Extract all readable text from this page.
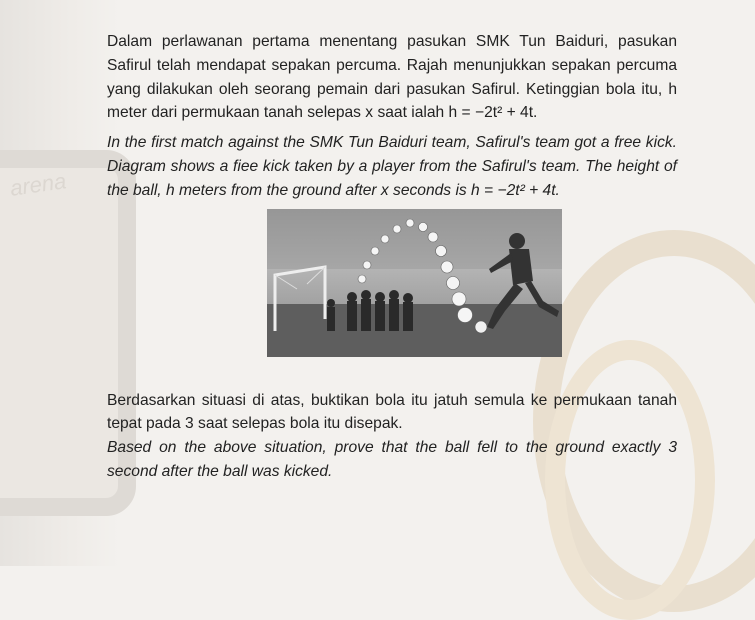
arena

Dalam perlawanan pertama menentang pasukan SMK Tun Baiduri, pasukan Safirul telah mendapat sepakan percuma. Rajah menunjukkan sepakan percuma yang dilakukan oleh seorang pemain dari pasukan Safirul. Ketinggian bola itu, h meter dari permukaan tanah selepas x saat ialah h = −2t² + 4t.

In the first match against the SMK Tun Baiduri team, Safirul's team got a free kick. Diagram shows a fiee kick taken by a player from the Safirul's team. The height of the ball, h meters from the ground after x seconds is h = −2t² + 4t.

Berdasarkan situasi di atas, buktikan bola itu jatuh semula ke permukaan tanah tepat pada 3 saat selepas bola itu disepak.

Based on the above situation, prove that the ball fell to the ground exactly 3 second after the ball was kicked.
